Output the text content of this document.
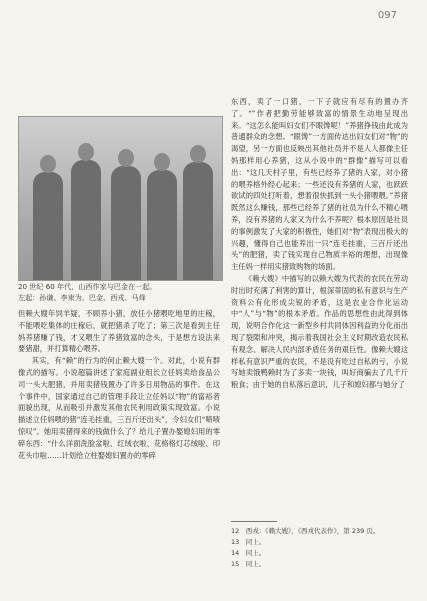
097

20 世纪 60 年代，山西作家与巴金在一起。

左起：孙谦、李束为、巴金、西戎、马烽

东西，卖了一口猪，一下子就应有尽有的置办齐了。“”作者把勤劳能够致富的情景生动地呈现出来。“这怎么能叫妇女们不眼馋呢！”养猪挣钱由此成为普通群众的念想。“眼馋”一方面传达出妇女们对“物”的渴望，另一方面也反映出其他社员并不是人人都像主任妈那样用心养猪，这从小说中的“群像”描写可以看出：“这几天村子里，有些已经养了猪的人家，对小猪的喂养格外经心起来；一些还没有养猪的人家，也跃跃欲试的四处打听着，想着很快抓到一头小猪喂喂。”养猪既然这么赚钱，那些已经养了猪的社员为什么不精心喂养，没有养猪的人家又为什么不养呢？根本原因是社员的事例激发了大家的积极性，她们对“物”表现出极大的兴趣，懂得自己也能养出一只“连毛挂重，三百斤还出头”的肥猪，卖了钱实现自己物质丰裕的理想，出现像主任妈一样用实猪致购物的场面。

《赖大嫂》中描写的以赖大嫂为代表的农民在劳动时出时充满了利害的算计，根深蒂固的私有意识与生产资料公有化形成尖锐的矛盾，这是农业合作化运动中“人”与“物”的根本矛盾。作品的思想性由此得到体现，说明合作化这一新型乡村共同体因利益的分化而出现了裂隙和冲突，揭示着我国社会主义时期改造农民私有观念、解决人民内部矛盾任务的艰巨性。像赖大嫂这样私有意识严重的农民，不是没有吃过自私的亏，小说写她卖饿鸭赖时为了多卖一块钱，叫好商骗去了几千斤粮食；由于她的自私落后意识，儿子和媳妇都与她分了

但赖大嫂年饲羊疑，不顾养小猪，放任小猪喂吃地里的庄稼，不能喂吃集体的庄稼后，就把猪杀了吃了；第三次是看到主任妈养猪赚了钱，才又喂生了养猪致富的念头，于是想方设法来要猪甜，并打算精心喂养。

其实，有“赖”的行为的何止赖大嫂一个。对此，小说有群像式的描写。小说超篇讲述了家庭副业组长立任妈卖给食品公司一头大肥猪，并用卖猪钱置办了许多日用物品的事件。在这个事件中，国家通过自己的管理手段让立任妈以“物”的富裕者面貌出现，从而吸引并激发其他农民利用政策实现致富。小说描述立任妈喂的猪“连毛挂重，三百斤还出头”，令妇女们“啧啧惊叹”。她用卖猪得来的钱做什么了？给儿子置办娶媳妇用的零碎东西：“什么洋面洗脸盆啦、红绒衣啦、花格格灯芯绒啦、印花头巾啦……计划给立柱娶媳妇置办的零碎

12　西戎：《赖大嫂》，《西戎代表作》，第 239 页。

13　同上。

14　同上。

15　同上。
